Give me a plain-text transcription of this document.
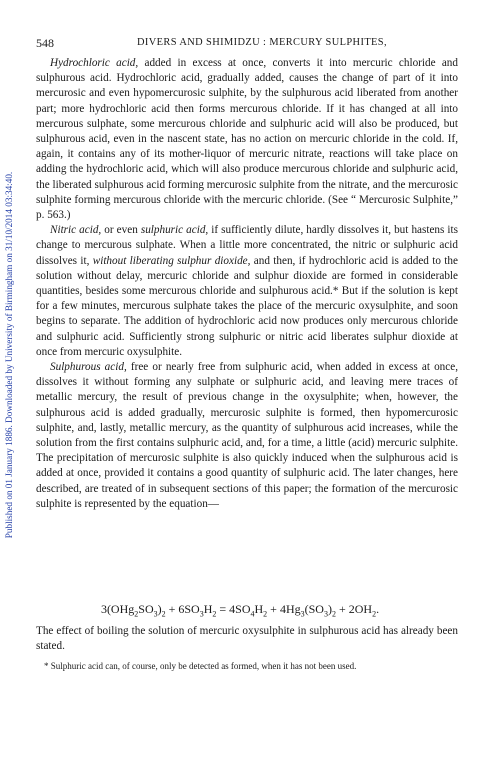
Published on 01 January 1886. Downloaded by University of Birmingham on 31/10/2014 03:34:40.
548	DIVERS AND SHIMIDZU : MERCURY SULPHITES,

Hydrochloric acid, added in excess at once, converts it into mercuric chloride and sulphurous acid. Hydrochloric acid, gradually added, causes the change of part of it into mercurosic and even hypomercurosic sulphite, by the sulphurous acid liberated from another part; more hydrochloric acid then forms mercurous chloride. If it has changed at all into mercurous sulphate, some mercurous chloride and sulphuric acid will also be produced, but sulphurous acid, even in the nascent state, has no action on mercuric chloride in the cold. If, again, it contains any of its mother-liquor of mercuric nitrate, reactions will take place on adding the hydrochloric acid, which will also produce mercurous chloride and sulphuric acid, the liberated sulphurous acid forming mercurosic sulphite from the nitrate, and the mercurosic sulphite forming mercurous chloride with the mercuric chloride. (See “ Mercurosic Sulphite,” p. 563.)

Nitric acid, or even sulphuric acid, if sufficiently dilute, hardly dissolves it, but hastens its change to mercurous sulphate. When a little more concentrated, the nitric or sulphuric acid dissolves it, without liberating sulphur dioxide, and then, if hydrochloric acid is added to the solution without delay, mercuric chloride and sulphur dioxide are formed in considerable quantities, besides some mercurous chloride and sulphurous acid.* But if the solution is kept for a few minutes, mercurous sulphate takes the place of the mercuric oxysulphite, and soon begins to separate. The addition of hydrochloric acid now produces only mercurous chloride and sulphuric acid. Sufficiently strong sulphuric or nitric acid liberates sulphur dioxide at once from mercuric oxysulphite.

Sulphurous acid, free or nearly free from sulphuric acid, when added in excess at once, dissolves it without forming any sulphate or sulphuric acid, and leaving mere traces of metallic mercury, the result of previous change in the oxysulphite; when, however, the sulphurous acid is added gradually, mercurosic sulphite is formed, then hypomercurosic sulphite, and, lastly, metallic mercury, as the quantity of sulphurous acid increases, while the solution from the first contains sulphuric acid, and, for a time, a little (acid) mercuric sulphite. The precipitation of mercurosic sulphite is also quickly induced when the sulphurous acid is added at once, provided it contains a good quantity of sulphuric acid. The later changes, here described, are treated of in subsequent sections of this paper; the formation of the mercurosic sulphite is represented by the equation—

$3(OHg_2SO_3)_2 + 6SO_3H_2 = 4SO_4H_2 + 4Hg_3(SO_3)_2 + 2OH_2$.

The effect of boiling the solution of mercuric oxysulphite in sulphurous acid has already been stated.

* Sulphuric acid can, of course, only be detected as formed, when it has not been used.
